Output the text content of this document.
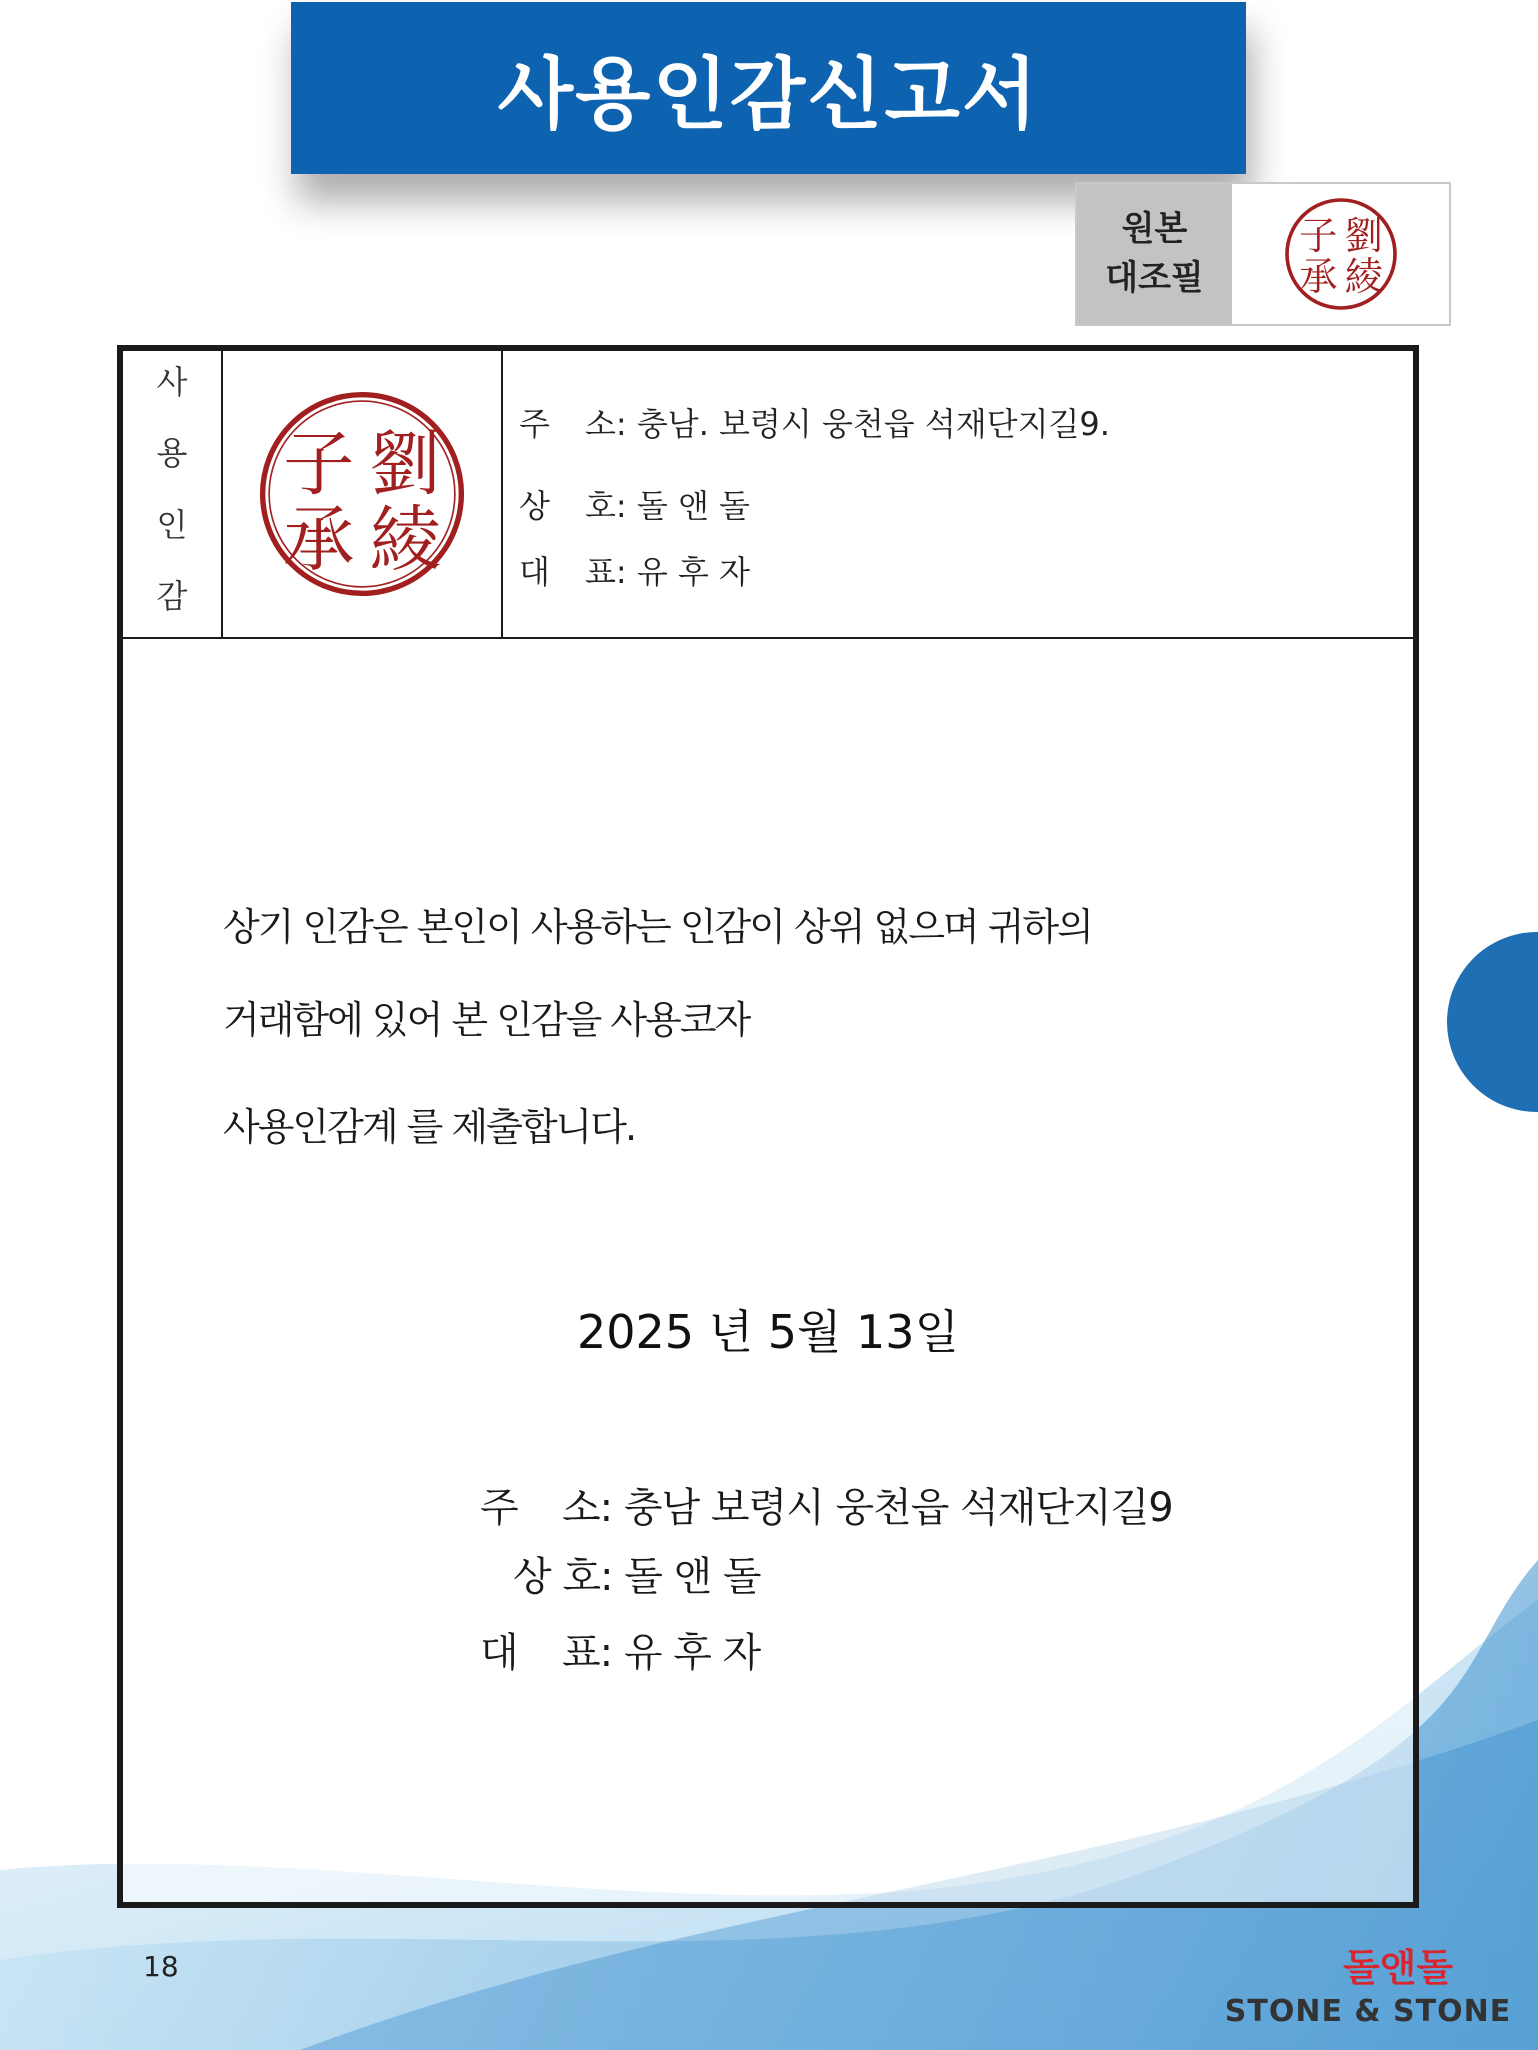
사용인감신고서
원본
대조필
子 劉
承 綾
사
용
인
감
子 劉
承 綾
주 소: 충남. 보령시 웅천읍 석재단지길9.
상 호: 돌 앤 돌
대 표: 유 후 자
상기 인감은 본인이 사용하는 인감이 상위 없으며 귀하의
거래함에 있어 본 인감을 사용코자
사용인감계 를 제출합니다.
2025 년 5월 13일
주 소: 충남 보령시 웅천읍 석재단지길9
상 호: 돌 앤 돌
대 표: 유 후 자
18	돌앤돌
STONE & STONE
